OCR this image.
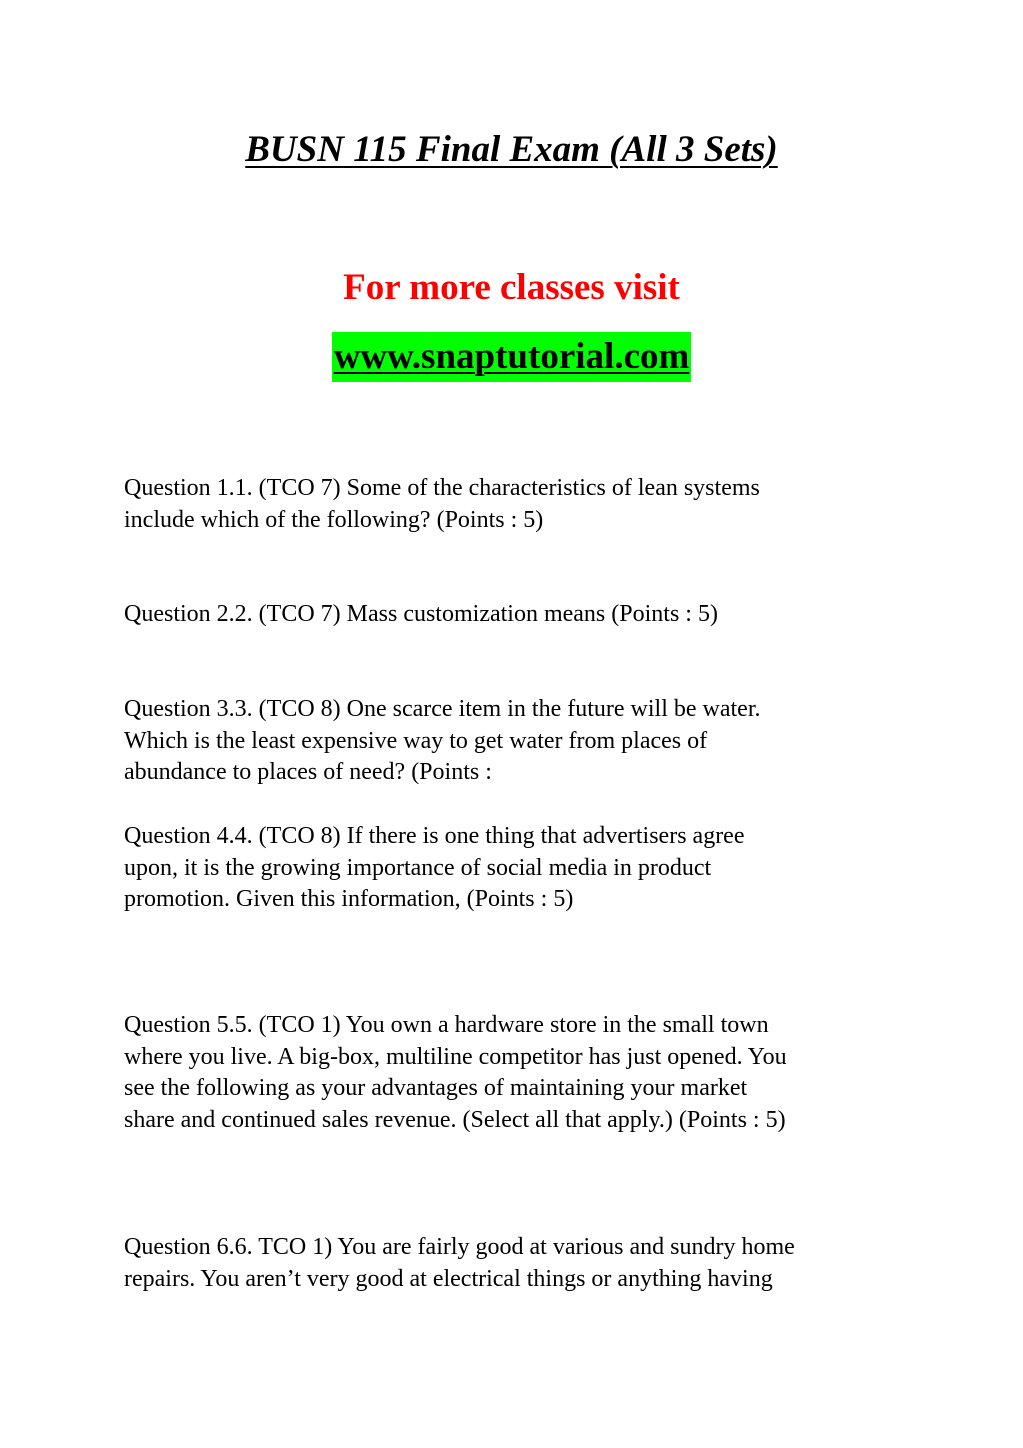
BUSN 115 Final Exam (All 3 Sets)

For more classes visit

www.snaptutorial.com

Question 1.1. (TCO 7) Some of the characteristics of lean systems
include which of the following? (Points : 5)

Question 2.2. (TCO 7) Mass customization means (Points : 5)

Question 3.3. (TCO 8) One scarce item in the future will be water.
Which is the least expensive way to get water from places of
abundance to places of need? (Points :

Question 4.4. (TCO 8) If there is one thing that advertisers agree
upon, it is the growing importance of social media in product
promotion. Given this information, (Points : 5)

Question 5.5. (TCO 1) You own a hardware store in the small town
where you live. A big-box, multiline competitor has just opened. You
see the following as your advantages of maintaining your market
share and continued sales revenue. (Select all that apply.) (Points : 5)

Question 6.6. TCO 1) You are fairly good at various and sundry home
repairs. You aren’t very good at electrical things or anything having
